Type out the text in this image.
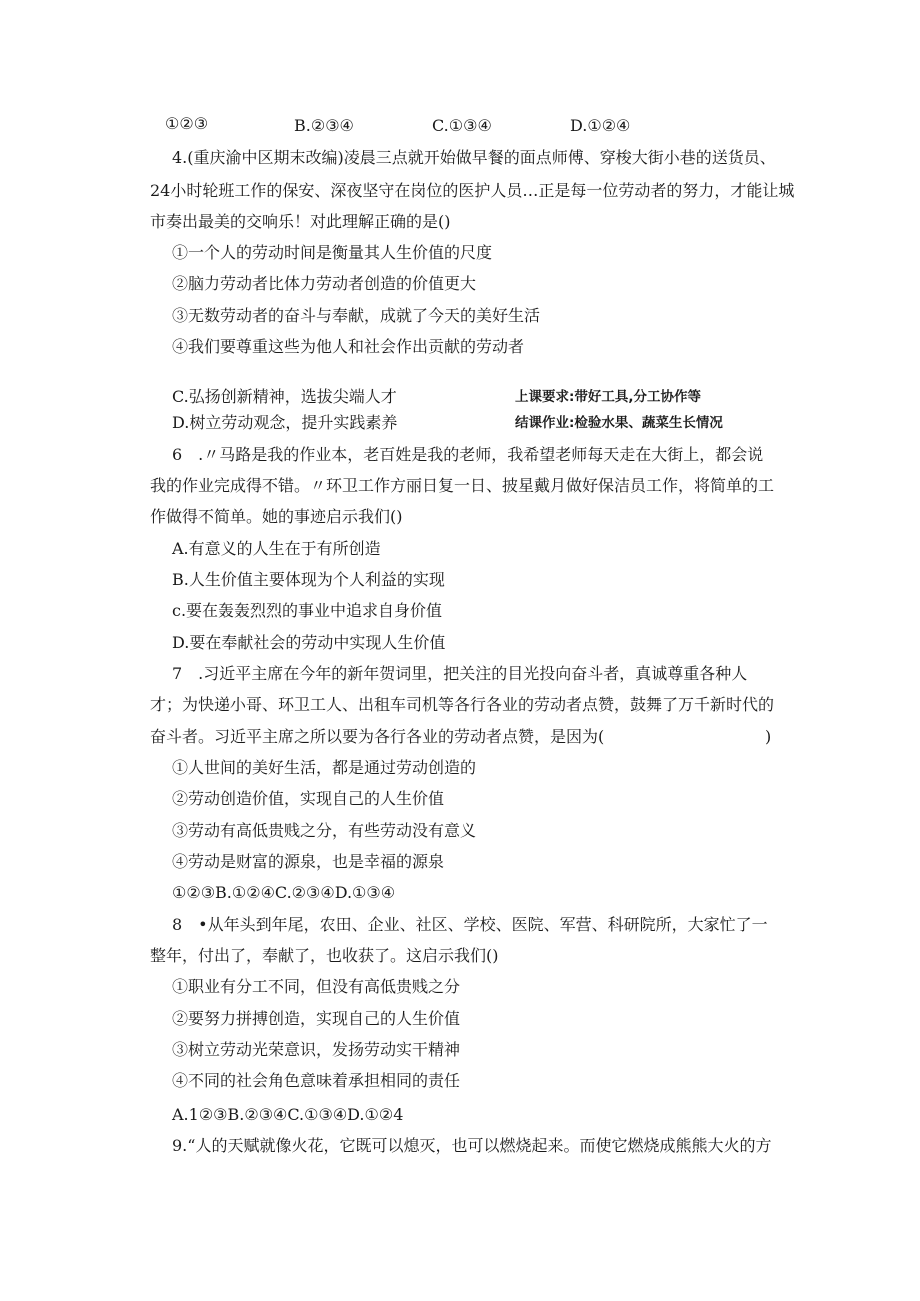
①②③	B.②③④	C.①③④	D.①②④
4.(重庆渝中区期末改编)凌晨三点就开始做早餐的面点师傅、穿梭大街小巷的送货员、
24小时轮班工作的保安、深夜坚守在岗位的医护人员…正是每一位劳动者的努力，才能让城
市奏出最美的交响乐！对此理解正确的是()
①一个人的劳动时间是衡量其人生价值的尺度
②脑力劳动者比体力劳动者创造的价值更大
③无数劳动者的奋斗与奉献，成就了今天的美好生活
④我们要尊重这些为他人和社会作出贡献的劳动者
C.弘扬创新精神，选拔尖端人才	上课要求:带好工具,分工协作等
D.树立劳动观念，提升实践素养	结课作业:检验水果、蔬菜生长情况
6　.〃马路是我的作业本，老百姓是我的老师，我希望老师每天走在大街上，都会说
我的作业完成得不错。〃环卫工作方丽日复一日、披星戴月做好保洁员工作，将简单的工
作做得不简单。她的事迹启示我们()
A.有意义的人生在于有所创造
B.人生价值主要体现为个人利益的实现
c.要在轰轰烈烈的事业中追求自身价值
D.要在奉献社会的劳动中实现人生价值
7　.习近平主席在今年的新年贺词里，把关注的目光投向奋斗者，真诚尊重各种人
才；为快递小哥、环卫工人、出租车司机等各行各业的劳动者点赞，鼓舞了万千新时代的
奋斗者。习近平主席之所以要为各行各业的劳动者点赞，是因为(	)
①人世间的美好生活，都是通过劳动创造的
②劳动创造价值，实现自己的人生价值
③劳动有高低贵贱之分，有些劳动没有意义
④劳动是财富的源泉，也是幸福的源泉
①②③B.①②④C.②③④D.①③④
8　•从年头到年尾，农田、企业、社区、学校、医院、军营、科研院所，大家忙了一
整年，付出了，奉献了，也收获了。这启示我们()
①职业有分工不同，但没有高低贵贱之分
②要努力拼搏创造，实现自己的人生价值
③树立劳动光荣意识，发扬劳动实干精神
④不同的社会角色意味着承担相同的责任
A.1②③B.②③④C.①③④D.①②4
9.“人的天赋就像火花，它既可以熄灭，也可以燃烧起来。而使它燃烧成熊熊大火的方
